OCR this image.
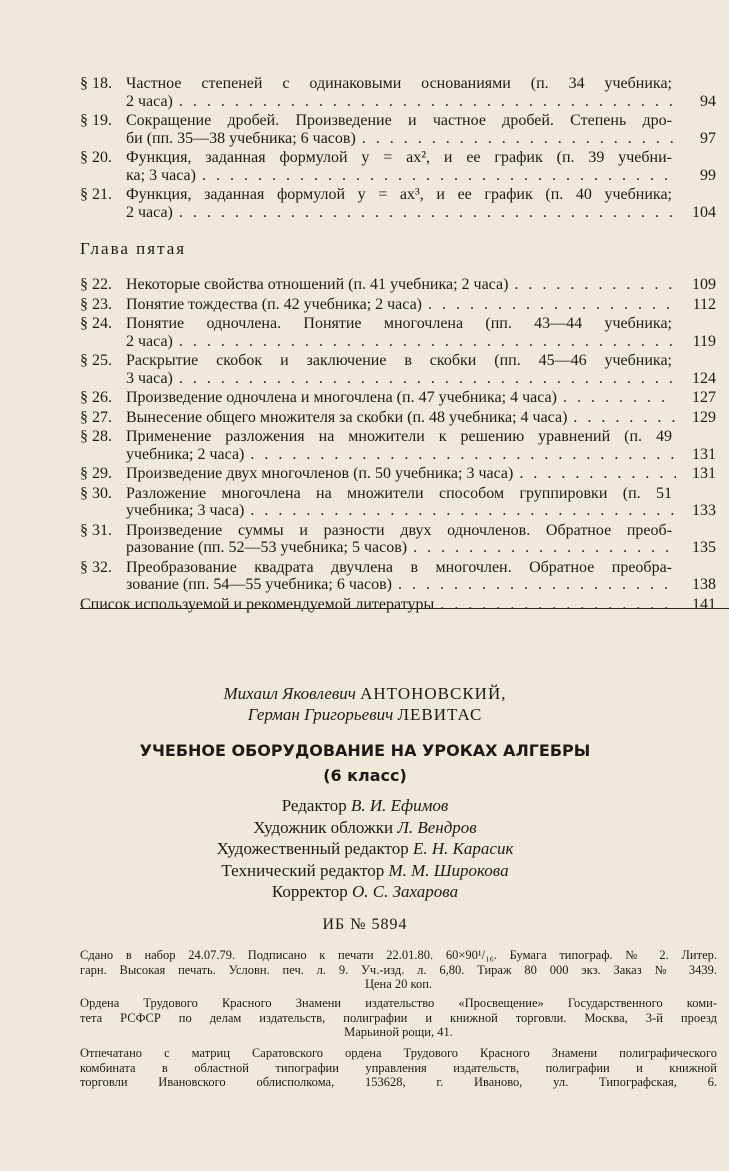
§ 18. Частное степеней с одинаковыми основаниями (п. 34 учебника;
2 часа) . . .	94
§ 19. Сокращение дробей. Произведение и частное дробей. Степень дро-
би (пп. 35—38 учебника; 6 часов) . . .	97
§ 20. Функция, заданная формулой y = ax², и ее график (п. 39 учебни-
ка; 3 часа) . . .	99
§ 21. Функция, заданная формулой y = ax³, и ее график (п. 40 учебника;
2 часа) . . .	104
Глава пятая
§ 22. Некоторые свойства отношений (п. 41 учебника; 2 часа) . . .	109
§ 23. Понятие тождества (п. 42 учебника; 2 часа) . . .	112
§ 24. Понятие одночлена. Понятие многочлена (пп. 43—44 учебника;
2 часа) . . .	119
§ 25. Раскрытие скобок и заключение в скобки (пп. 45—46 учебника;
3 часа) . . .	124
§ 26. Произведение одночлена и многочлена (п. 47 учебника; 4 часа) . . .	127
§ 27. Вынесение общего множителя за скобки (п. 48 учебника; 4 часа) . . .	129
§ 28. Применение разложения на множители к решению уравнений (п. 49
учебника; 2 часа) . . .	131
§ 29. Произведение двух многочленов (п. 50 учебника; 3 часа) . . .	131
§ 30. Разложение многочлена на множители способом группировки (п. 51
учебника; 3 часа) . . .	133
§ 31. Произведение суммы и разности двух одночленов. Обратное преоб-
разование (пп. 52—53 учебника; 5 часов) . . .	135
§ 32. Преобразование квадрата двучлена в многочлен. Обратное преобра-
зование (пп. 54—55 учебника; 6 часов) . . .	138
Список используемой и рекомендуемой литературы . . .	141
Михаил Яковлевич АНТОНОВСКИЙ,
Герман Григорьевич ЛЕВИТАС
УЧЕБНОЕ ОБОРУДОВАНИЕ НА УРОКАХ АЛГЕБРЫ
(6 класс)
Редактор В. И. Ефимов
Художник обложки Л. Вендров
Художественный редактор Е. Н. Карасик
Технический редактор М. М. Широкова
Корректор О. С. Захарова
ИБ № 5894
Сдано в набор 24.07.79. Подписано к печати 22.01.80. 60×90¹/₁₆. Бумага типограф. № 2. Литер.
гарн. Высокая печать. Условн. печ. л. 9. Уч.-изд. л. 6,80. Тираж 80 000 экз. Заказ № 3439.
Цена 20 коп.
Ордена Трудового Красного Знамени издательство «Просвещение» Государственного коми-
тета РСФСР по делам издательств, полиграфии и книжной торговли. Москва, 3-й проезд
Марьиной рощи, 41.
Отпечатано с матриц Саратовского ордена Трудового Красного Знамени полиграфического
комбината в областной типографии управления издательств, полиграфии и книжной
торговли Ивановского облисполкома, 153628, г. Иваново, ул. Типографская, 6.
